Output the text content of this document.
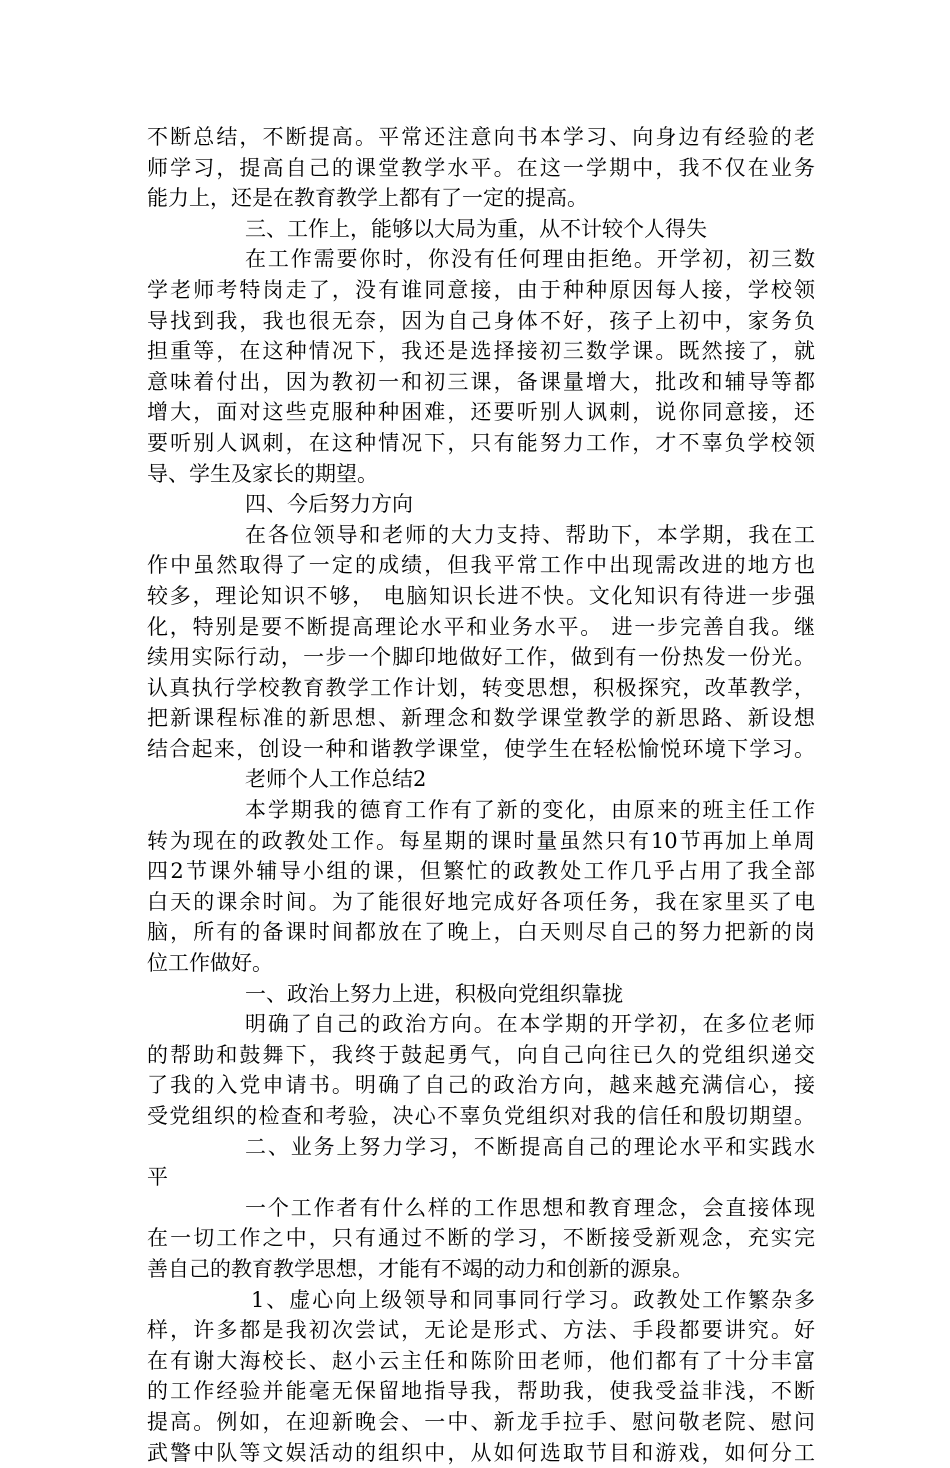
不断总结，不断提高。平常还注意向书本学习、向身边有经验的老
师学习，提高自己的课堂教学水平。在这一学期中，我不仅在业务
能力上，还是在教育教学上都有了一定的提高。
三、工作上，能够以大局为重，从不计较个人得失
在工作需要你时，你没有任何理由拒绝。开学初，初三数
学老师考特岗走了，没有谁同意接，由于种种原因每人接，学校领
导找到我，我也很无奈，因为自己身体不好，孩子上初中，家务负
担重等，在这种情况下，我还是选择接初三数学课。既然接了，就
意味着付出，因为教初一和初三课，备课量增大，批改和辅导等都
增大，面对这些克服种种困难，还要听别人讽刺，说你同意接，还
要听别人讽刺，在这种情况下，只有能努力工作，才不辜负学校领
导、学生及家长的期望。
四、今后努力方向
在各位领导和老师的大力支持、帮助下，本学期，我在工
作中虽然取得了一定的成绩，但我平常工作中出现需改进的地方也
较多，理论知识不够， 电脑知识长进不快。文化知识有待进一步强
化，特别是要不断提高理论水平和业务水平。 进一步完善自我。继
续用实际行动，一步一个脚印地做好工作，做到有一份热发一份光。
认真执行学校教育教学工作计划，转变思想，积极探究，改革教学，
把新课程标准的新思想、新理念和数学课堂教学的新思路、新设想
结合起来，创设一种和谐教学课堂，使学生在轻松愉悦环境下学习。
老师个人工作总结2
本学期我的德育工作有了新的变化，由原来的班主任工作
转为现在的政教处工作。每星期的课时量虽然只有10节再加上单周
四2节课外辅导小组的课，但繁忙的政教处工作几乎占用了我全部
白天的课余时间。为了能很好地完成好各项任务，我在家里买了电
脑，所有的备课时间都放在了晚上，白天则尽自己的努力把新的岗
位工作做好。
一、政治上努力上进，积极向党组织靠拢
明确了自己的政治方向。在本学期的开学初，在多位老师
的帮助和鼓舞下，我终于鼓起勇气，向自己向往已久的党组织递交
了我的入党申请书。明确了自己的政治方向，越来越充满信心，接
受党组织的检查和考验，决心不辜负党组织对我的信任和殷切期望。
二、业务上努力学习，不断提高自己的理论水平和实践水
平
一个工作者有什么样的工作思想和教育理念，会直接体现
在一切工作之中，只有通过不断的学习，不断接受新观念，充实完
善自己的教育教学思想，才能有不竭的动力和创新的源泉。
1、虚心向上级领导和同事同行学习。政教处工作繁杂多
样，许多都是我初次尝试，无论是形式、方法、手段都要讲究。好
在有谢大海校长、赵小云主任和陈阶田老师，他们都有了十分丰富
的工作经验并能毫无保留地指导我，帮助我，使我受益非浅，不断
提高。例如，在迎新晚会、一中、新龙手拉手、慰问敬老院、慰问
武警中队等文娱活动的组织中，从如何选取节目和游戏，如何分工
